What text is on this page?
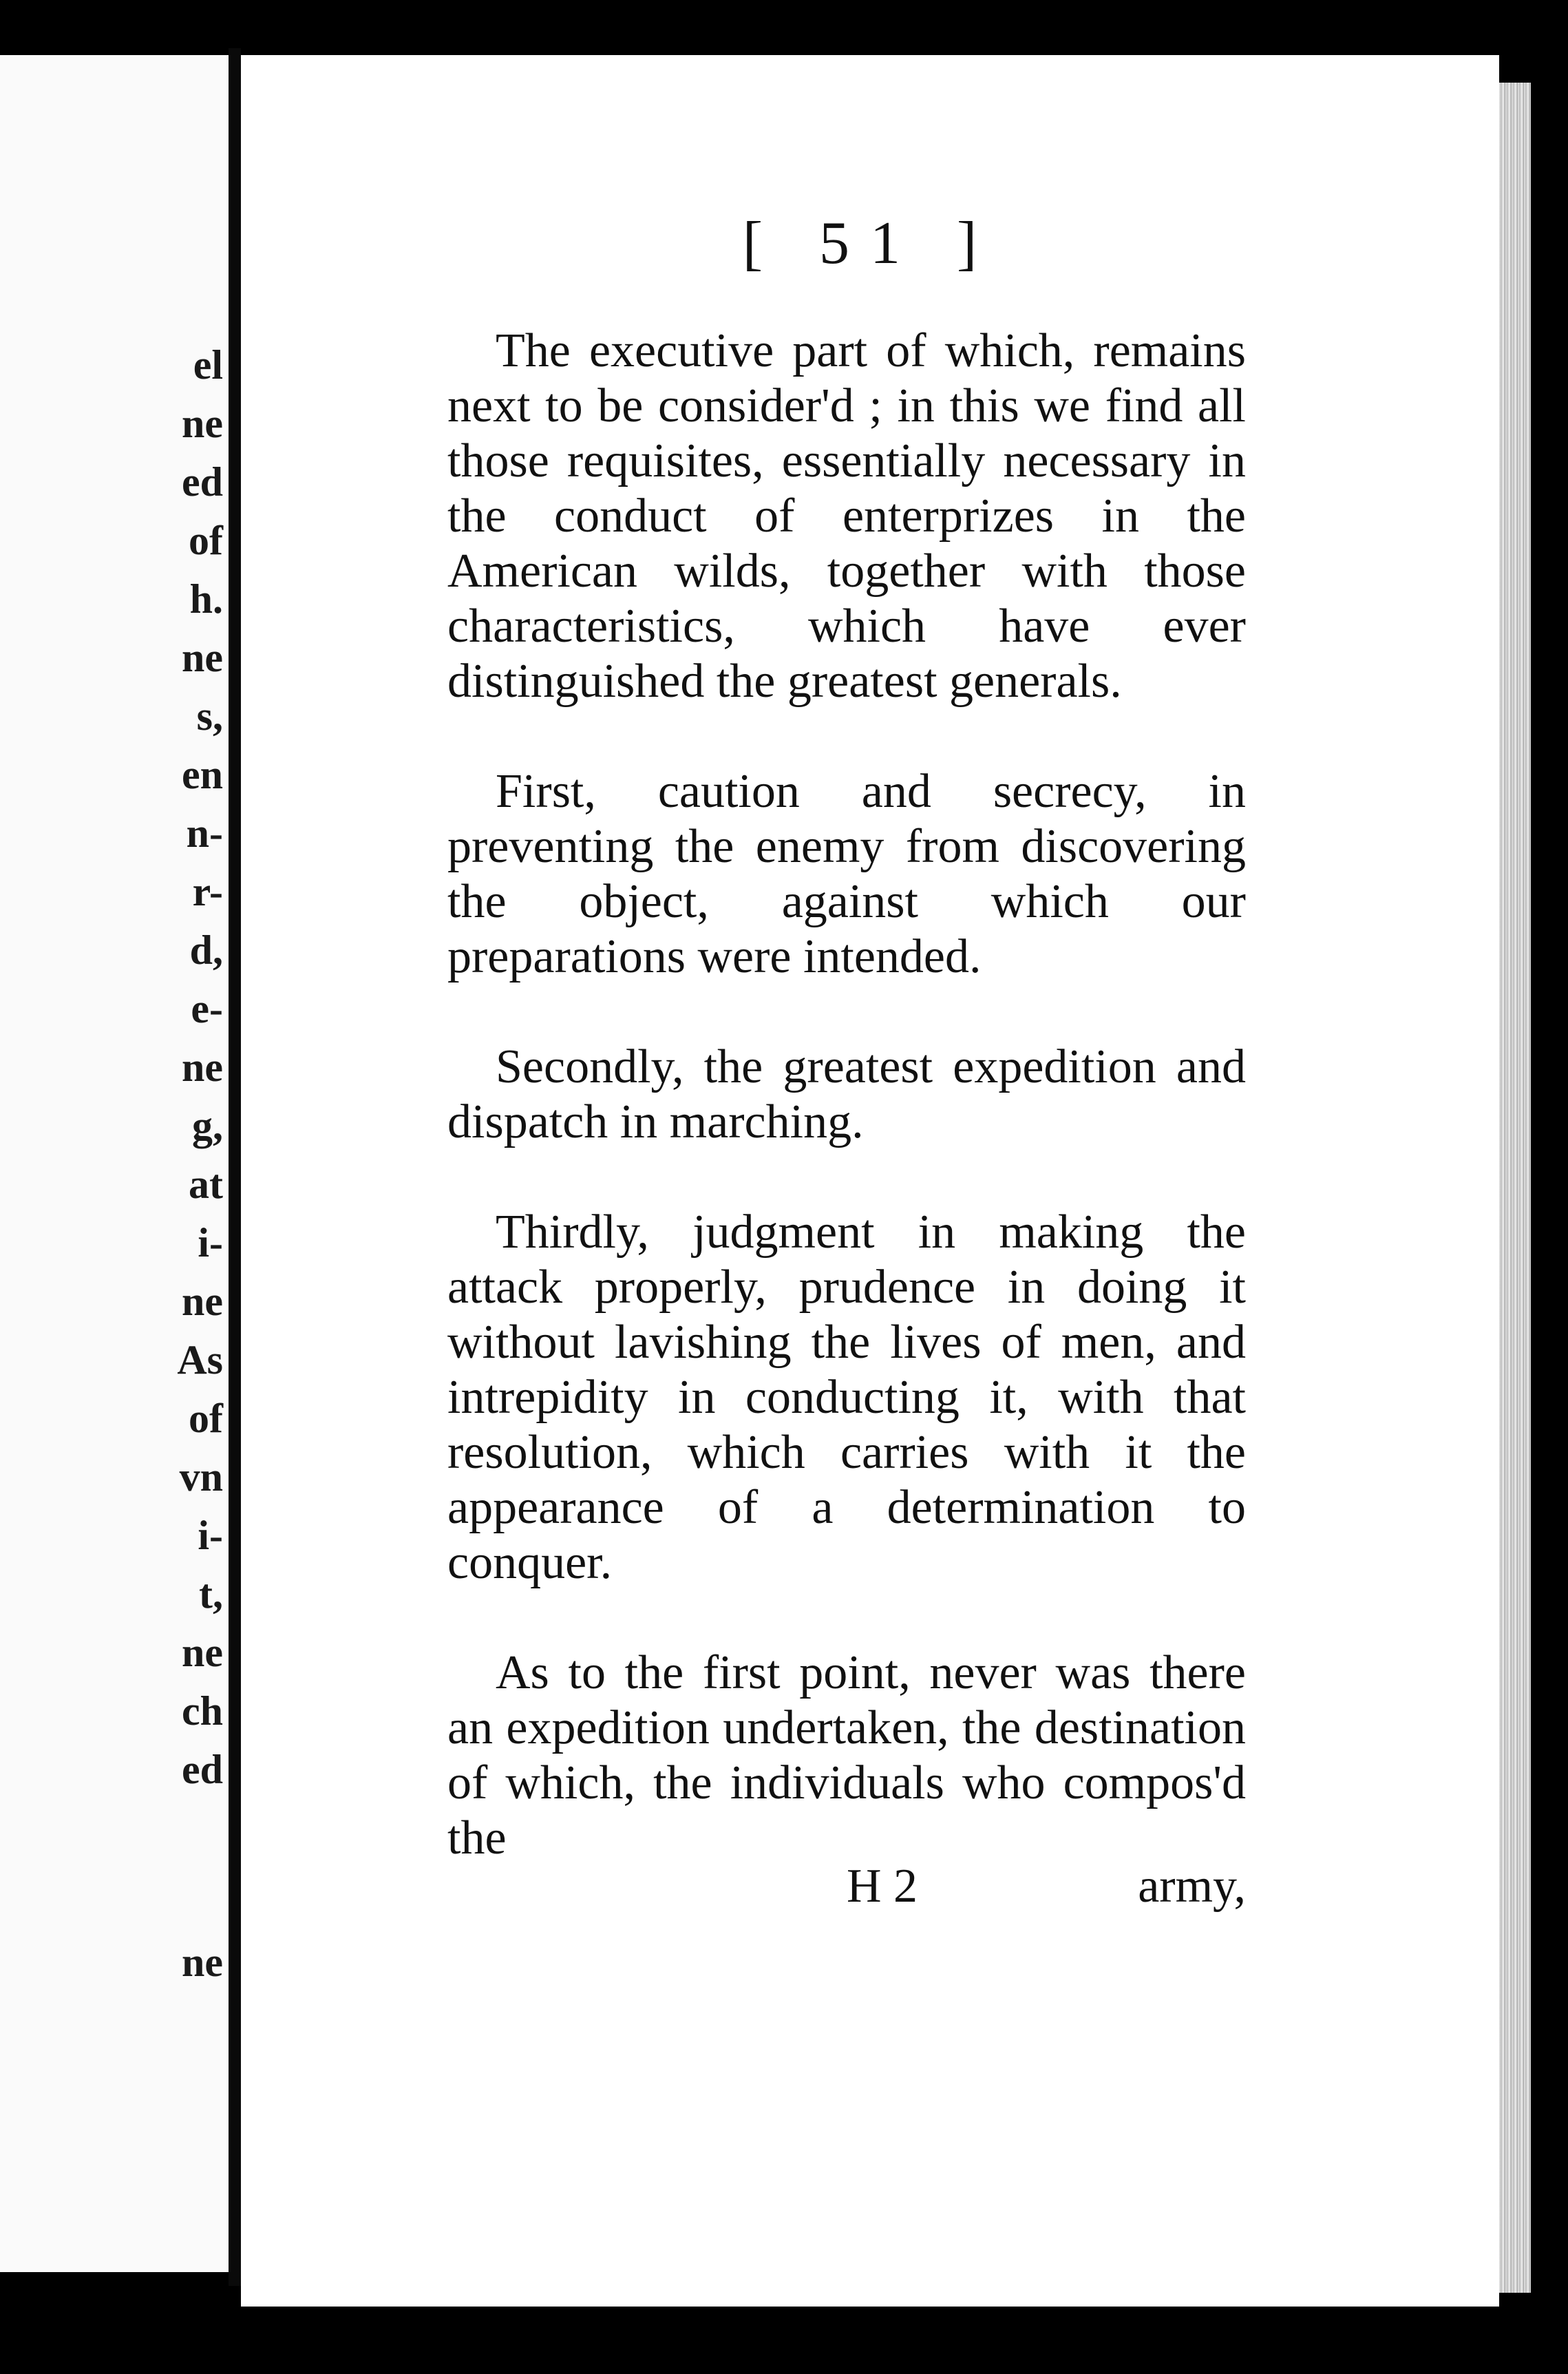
el
ne
ed
of
h.
ne
s,
en
n-
r-
d,
e-
ne
g,
at
i-
ne
As
of
vn
i-
t,
ne
ch
ed
ne
[ 51 ]

The executive part of which, remains next to be consider'd ; in this we find all those requisites, essentially necessary in the conduct of enterprizes in the American wilds, together with those characteristics, which have ever distinguished the greatest generals.

First, caution and secrecy, in preventing the enemy from discovering the object, against which our preparations were intended.

Secondly, the greatest expedition and dispatch in marching.

Thirdly, judgment in making the attack properly, prudence in doing it without lavishing the lives of men, and intrepidity in conducting it, with that resolution, which carries with it the appearance of a determination to conquer.

As to the first point, never was there an expedition undertaken, the destination of which, the individuals who compos'd the

H 2	army,
